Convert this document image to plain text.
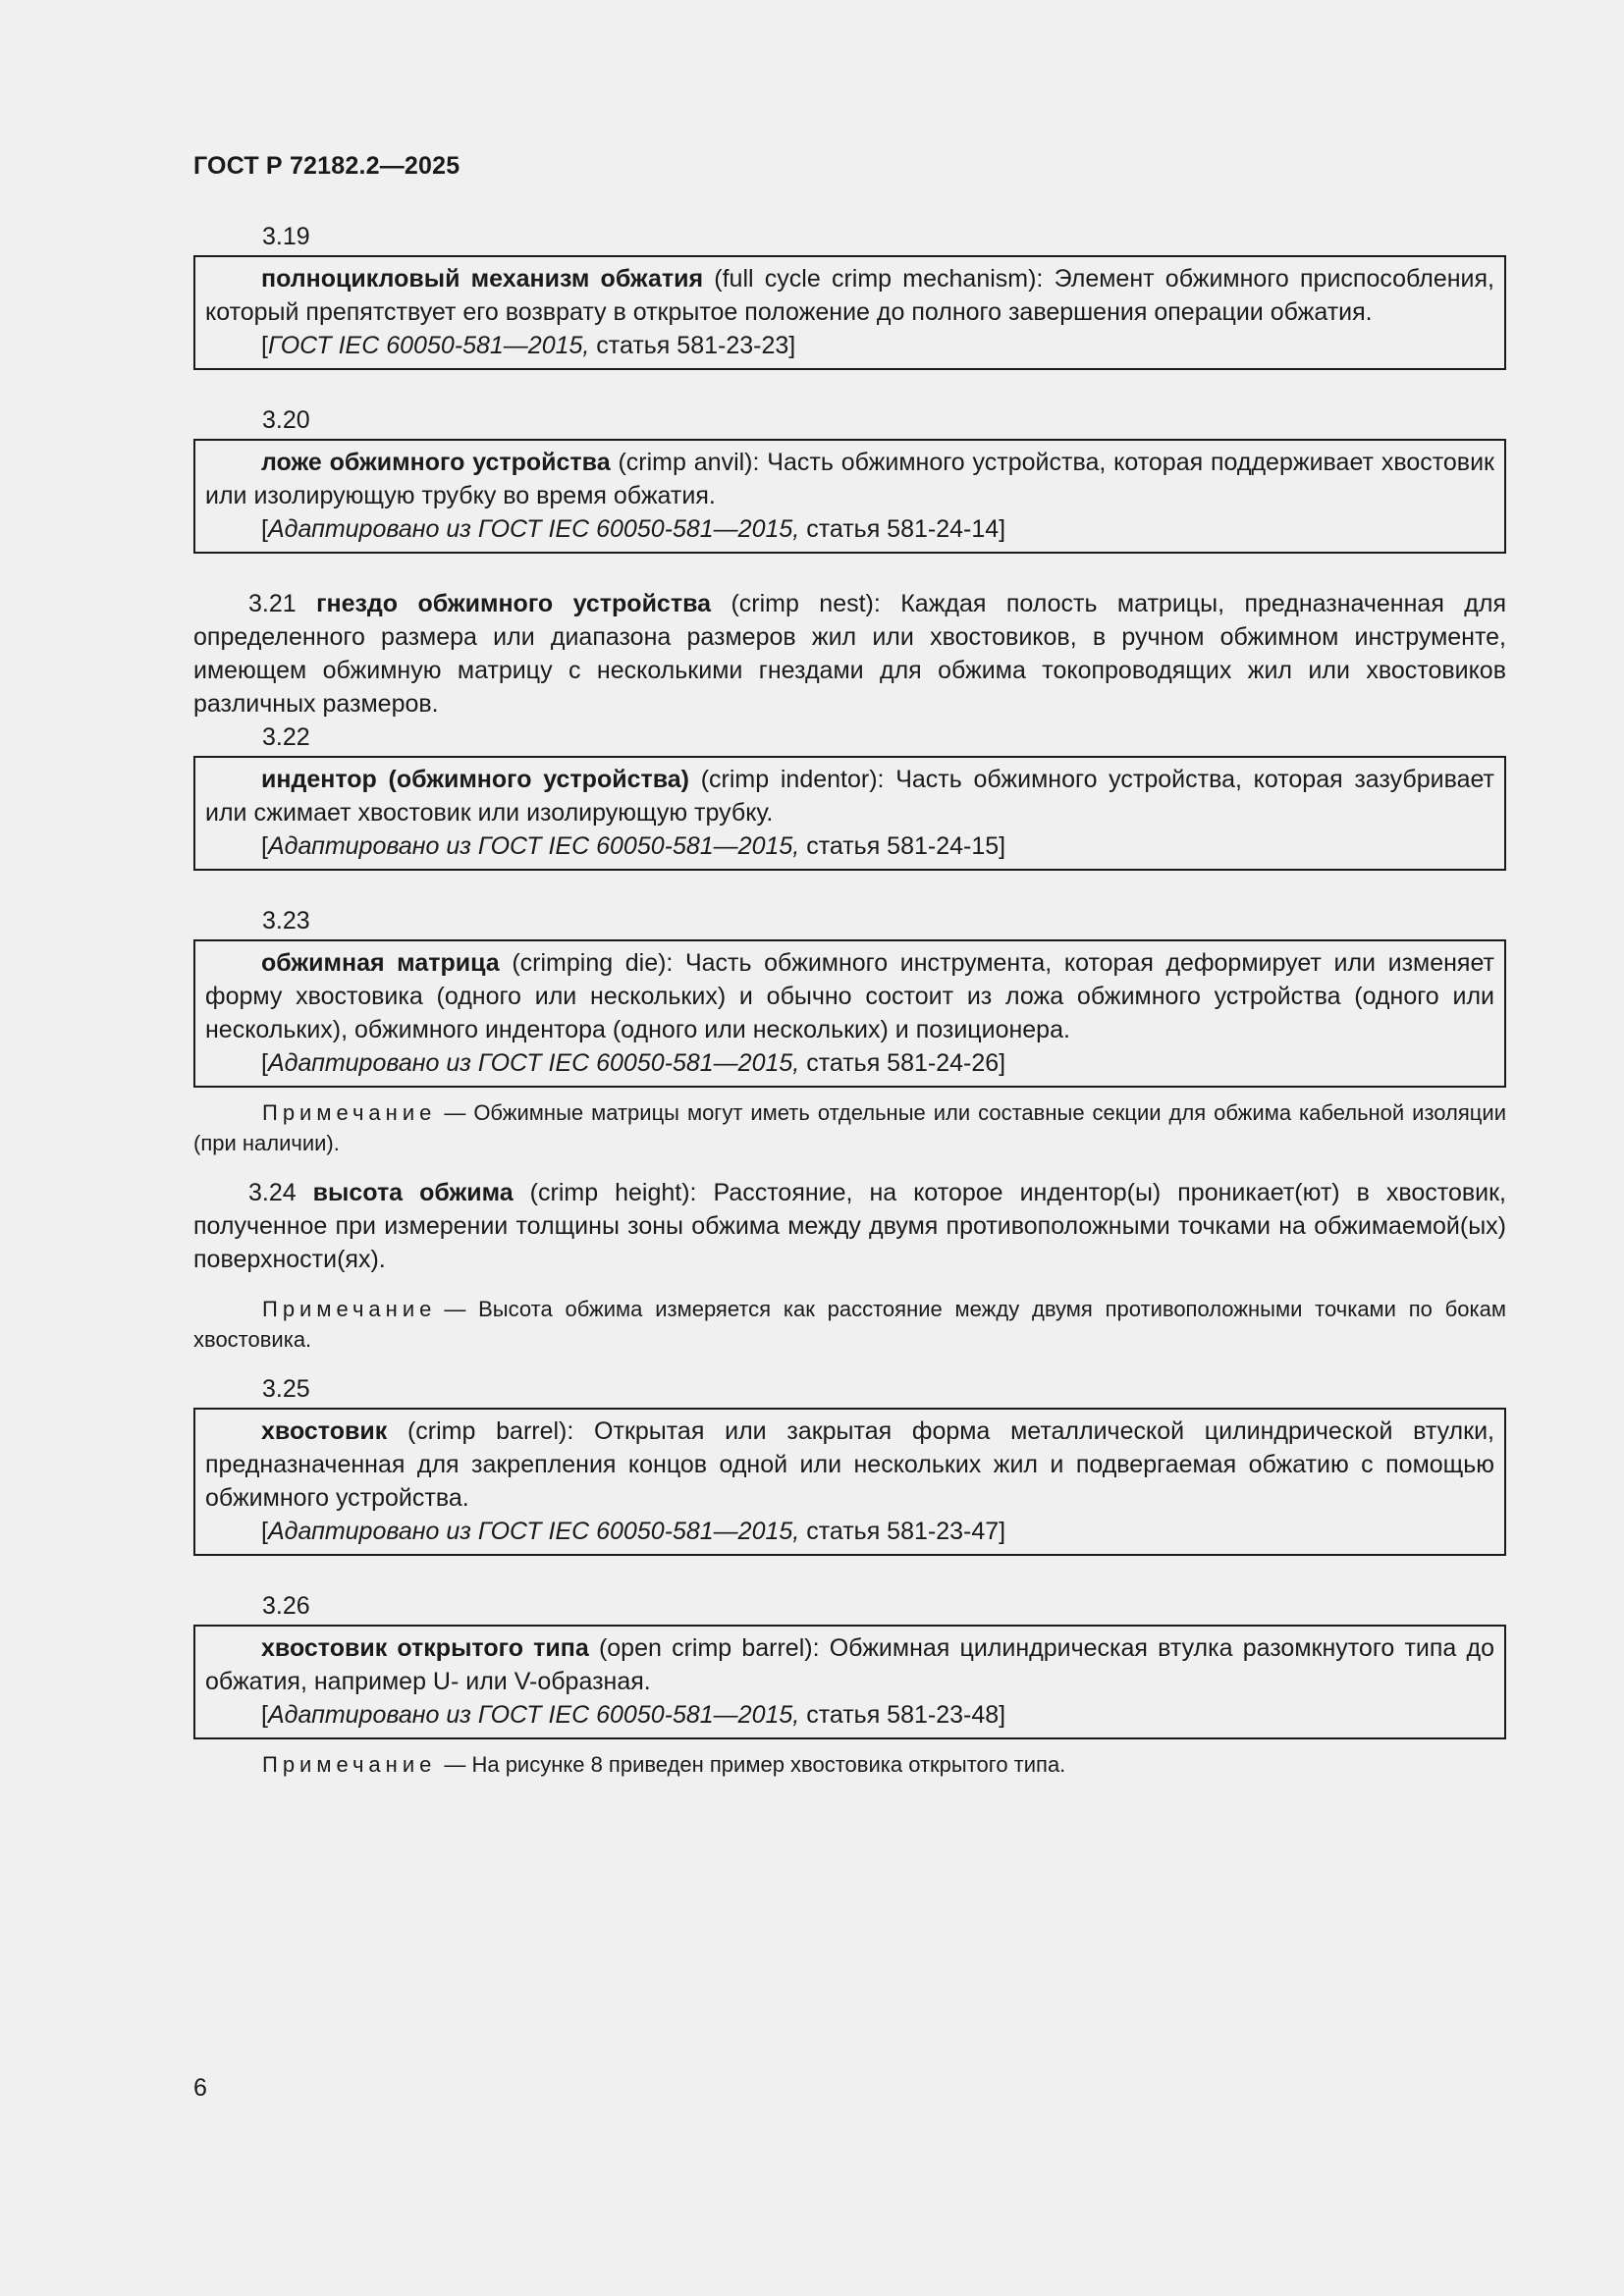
ГОСТ Р 72182.2—2025
3.19

полноцикловый механизм обжатия (full cycle crimp mechanism): Элемент обжимного приспособления, который препятствует его возврату в открытое положение до полного завершения операции обжатия.

[ГОСТ IEC 60050-581—2015, статья 581-23-23]

3.20

ложе обжимного устройства (crimp anvil): Часть обжимного устройства, которая поддерживает хвостовик или изолирующую трубку во время обжатия.

[Адаптировано из ГОСТ IEC 60050-581—2015, статья 581-24-14]

3.21 гнездо обжимного устройства (crimp nest): Каждая полость матрицы, предназначенная для определенного размера или диапазона размеров жил или хвостовиков, в ручном обжимном инструменте, имеющем обжимную матрицу с несколькими гнездами для обжима токопроводящих жил или хвостовиков различных размеров.

3.22

индентор (обжимного устройства) (crimp indentor): Часть обжимного устройства, которая зазубривает или сжимает хвостовик или изолирующую трубку.

[Адаптировано из ГОСТ IEC 60050-581—2015, статья 581-24-15]

3.23

обжимная матрица (crimping die): Часть обжимного инструмента, которая деформирует или изменяет форму хвостовика (одного или нескольких) и обычно состоит из ложа обжимного устройства (одного или нескольких), обжимного индентора (одного или нескольких) и позиционера.

[Адаптировано из ГОСТ IEC 60050-581—2015, статья 581-24-26]

Примечание — Обжимные матрицы могут иметь отдельные или составные секции для обжима кабельной изоляции (при наличии).

3.24 высота обжима (crimp height): Расстояние, на которое индентор(ы) проникает(ют) в хвостовик, полученное при измерении толщины зоны обжима между двумя противоположными точками на обжимаемой(ых) поверхности(ях).

Примечание — Высота обжима измеряется как расстояние между двумя противоположными точками по бокам хвостовика.

3.25

хвостовик (crimp barrel): Открытая или закрытая форма металлической цилиндрической втулки, предназначенная для закрепления концов одной или нескольких жил и подвергаемая обжатию с помощью обжимного устройства.

[Адаптировано из ГОСТ IEC 60050-581—2015, статья 581-23-47]

3.26

хвостовик открытого типа (open crimp barrel): Обжимная цилиндрическая втулка разомкнутого типа до обжатия, например U- или V-образная.

[Адаптировано из ГОСТ IEC 60050-581—2015, статья 581-23-48]

Примечание — На рисунке 8 приведен пример хвостовика открытого типа.

6
